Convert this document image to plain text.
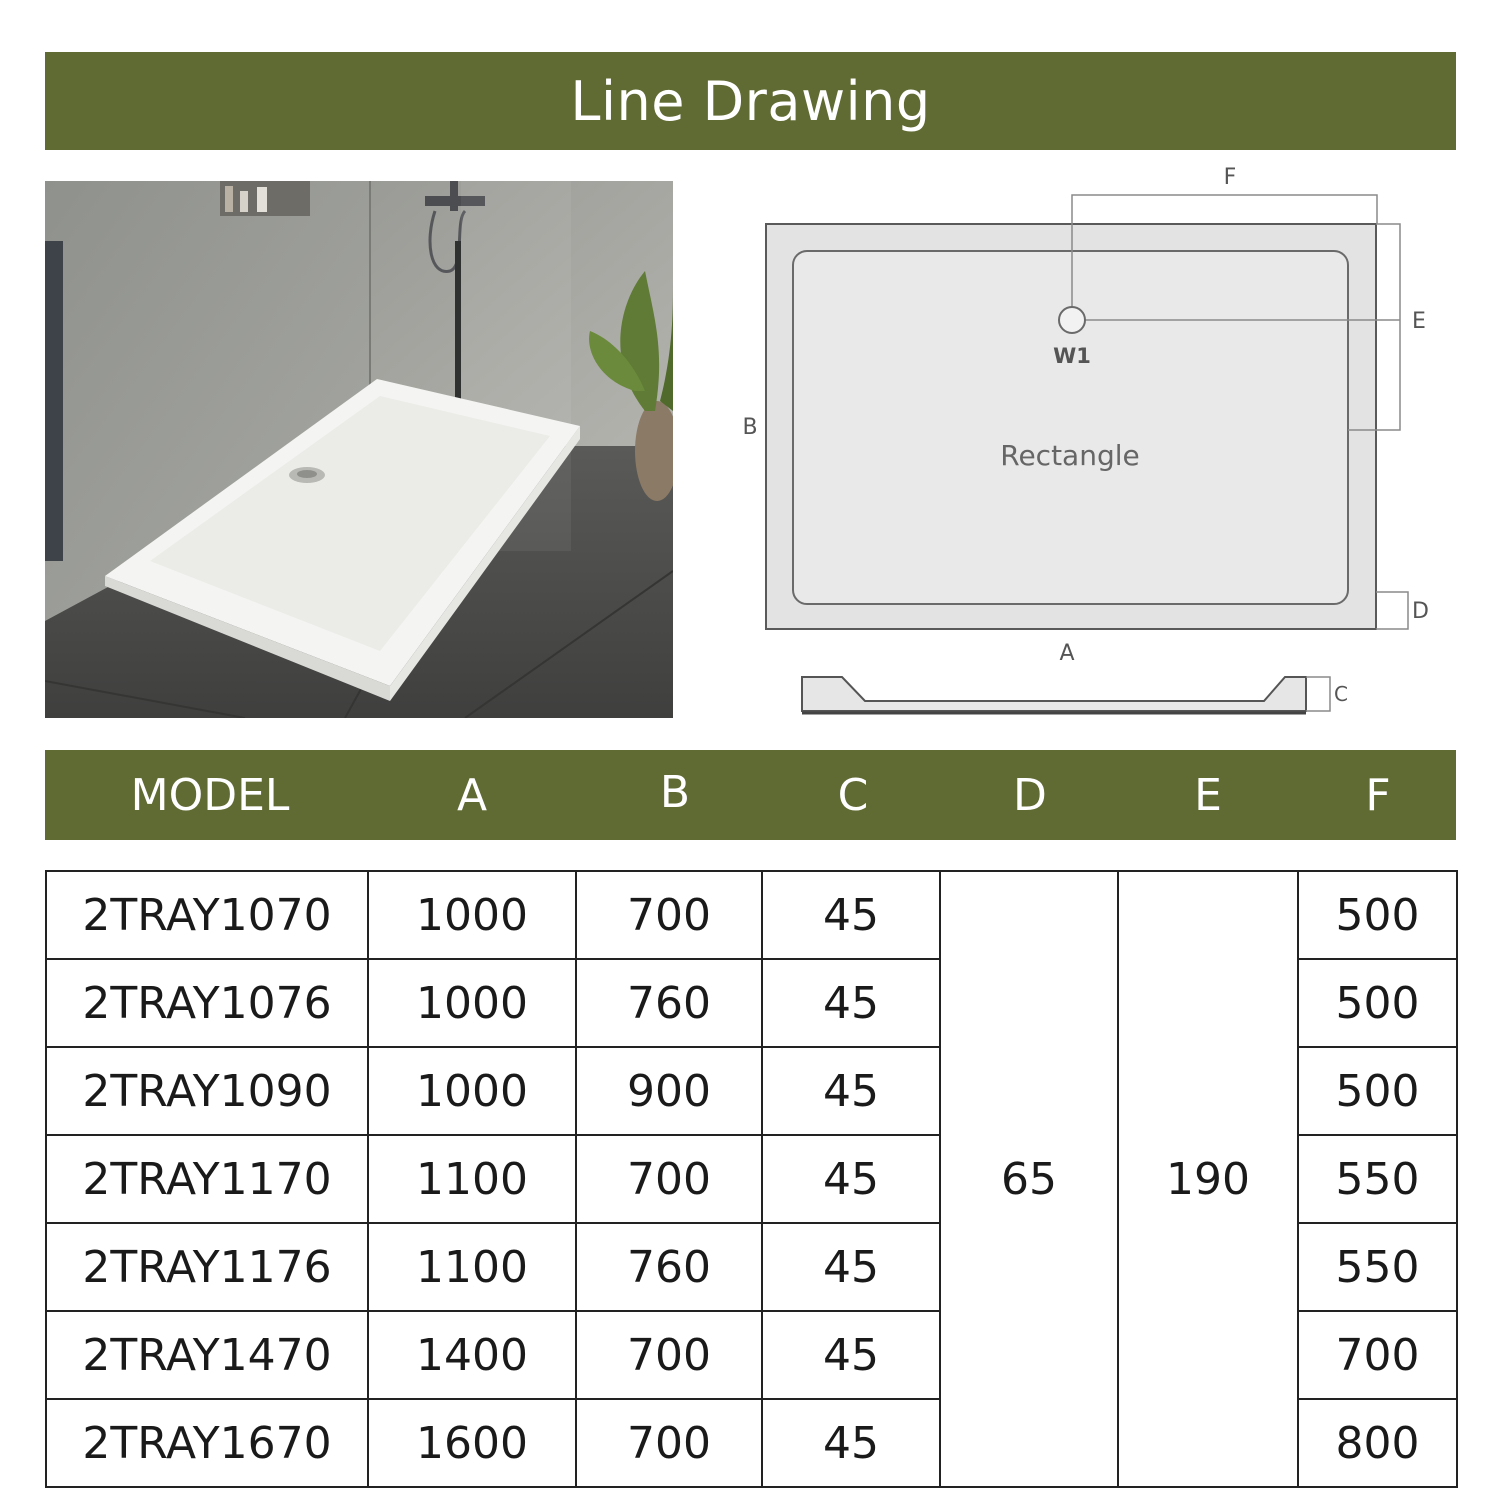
Line Drawing
F
E
B
W1
Rectangle
D
A
C
MODEL	A	B	C	D	E	F
2TRAY1070	1000	700	45	65	190	500
2TRAY1076	1000	760	45			500
2TRAY1090	1000	900	45			500
2TRAY1170	1100	700	45			550
2TRAY1176	1100	760	45			550
2TRAY1470	1400	700	45			700
2TRAY1670	1600	700	45			800
